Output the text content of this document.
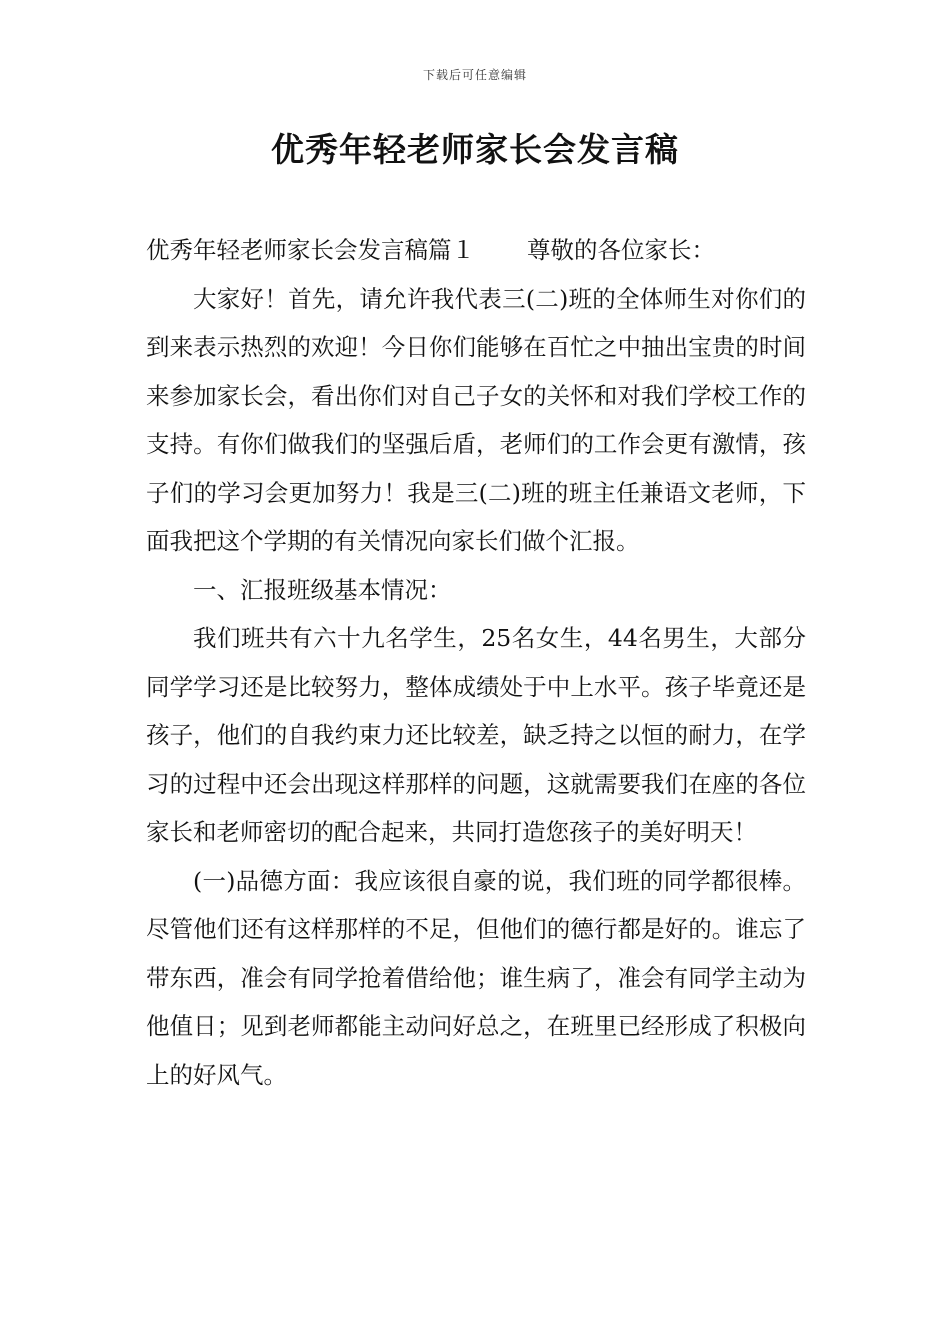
下载后可任意编辑
优秀年轻老师家长会发言稿

优秀年轻老师家长会发言稿篇１ 尊敬的各位家长：

大家好！首先，请允许我代表三(二)班的全体师生对你们的到来表示热烈的欢迎！今日你们能够在百忙之中抽出宝贵的时间来参加家长会，看出你们对自己子女的关怀和对我们学校工作的支持。有你们做我们的坚强后盾，老师们的工作会更有激情，孩子们的学习会更加努力！我是三(二)班的班主任兼语文老师，下面我把这个学期的有关情况向家长们做个汇报。

一、汇报班级基本情况：

我们班共有六十九名学生，25名女生，44名男生，大部分同学学习还是比较努力，整体成绩处于中上水平。孩子毕竟还是孩子，他们的自我约束力还比较差，缺乏持之以恒的耐力，在学习的过程中还会出现这样那样的问题，这就需要我们在座的各位家长和老师密切的配合起来，共同打造您孩子的美好明天！

(一)品德方面：我应该很自豪的说，我们班的同学都很棒。尽管他们还有这样那样的不足，但他们的德行都是好的。谁忘了带东西，准会有同学抢着借给他；谁生病了，准会有同学主动为他值日；见到老师都能主动问好总之，在班里已经形成了积极向上的好风气。
